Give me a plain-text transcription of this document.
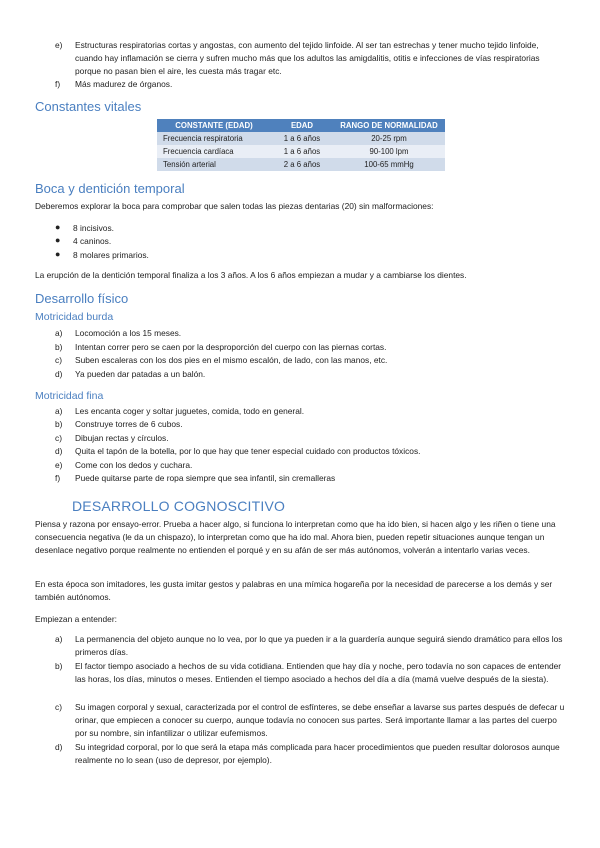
e) Estructuras respiratorias cortas y angostas, con aumento del tejido linfoide. Al ser tan estrechas y tener mucho tejido linfoide, cuando hay inflamación se cierra y sufren mucho más que los adultos las amigdalitis, otitis e infecciones de vías respiratorias porque no pasan bien el aire, les cuesta más tragar etc.
f) Más madurez de órganos.
Constantes vitales
CONSTANTE (EDAD)	EDAD	RANGO DE NORMALIDAD
Frecuencia respiratoria	1 a 6 años	20-25 rpm
Frecuencia cardíaca	1 a 6 años	90-100 lpm
Tensión arterial	2 a 6 años	100-65 mmHg
Boca y dentición temporal
Deberemos explorar la boca para comprobar que salen todas las piezas dentarias (20) sin malformaciones:
● 8 incisivos.
● 4 caninos.
● 8 molares primarios.
La erupción de la dentición temporal finaliza a los 3 años. A los 6 años empiezan a mudar y a cambiarse los dientes.
Desarrollo físico
Motricidad burda
a) Locomoción a los 15 meses.
b) Intentan correr pero se caen por la desproporción del cuerpo con las piernas cortas.
c) Suben escaleras con los dos pies en el mismo escalón, de lado, con las manos, etc.
d) Ya pueden dar patadas a un balón.
Motricidad fina
a) Les encanta coger y soltar juguetes, comida, todo en general.
b) Construye torres de 6 cubos.
c) Dibujan rectas y círculos.
d) Quita el tapón de la botella, por lo que hay que tener especial cuidado con productos tóxicos.
e) Come con los dedos y cuchara.
f) Puede quitarse parte de ropa siempre que sea infantil, sin cremalleras
DESARROLLO COGNOSCITIVO
Piensa y razona por ensayo-error. Prueba a hacer algo, si funciona lo interpretan como que ha ido bien, si hacen algo y les riñen o tiene una consecuencia negativa (le da un chispazo), lo interpretan como que ha ido mal. Ahora bien, pueden repetir situaciones aunque tengan un desenlace negativo porque realmente no entienden el porqué y en su afán de ser más autónomos, volverán a intentarlo varias veces.
En esta época son imitadores, les gusta imitar gestos y palabras en una mímica hogareña por la necesidad de parecerse a los demás y ser también autónomos.
Empiezan a entender:
a) La permanencia del objeto aunque no lo vea, por lo que ya pueden ir a la guardería aunque seguirá siendo dramático para ellos los primeros días.
b) El factor tiempo asociado a hechos de su vida cotidiana. Entienden que hay día y noche, pero todavía no son capaces de entender las horas, los días, minutos o meses. Entienden el tiempo asociado a hechos del día a día (mamá vuelve después de la siesta).
c) Su imagen corporal y sexual, caracterizada por el control de esfínteres, se debe enseñar a lavarse sus partes después de defecar u orinar, que empiecen a conocer su cuerpo, aunque todavía no conocen sus partes. Será importante llamar a las partes del cuerpo por su nombre, sin infantilizar o utilizar eufemismos.
d) Su integridad corporal, por lo que será la etapa más complicada para hacer procedimientos que pueden resultar dolorosos aunque realmente no lo sean (uso de depresor, por ejemplo).
